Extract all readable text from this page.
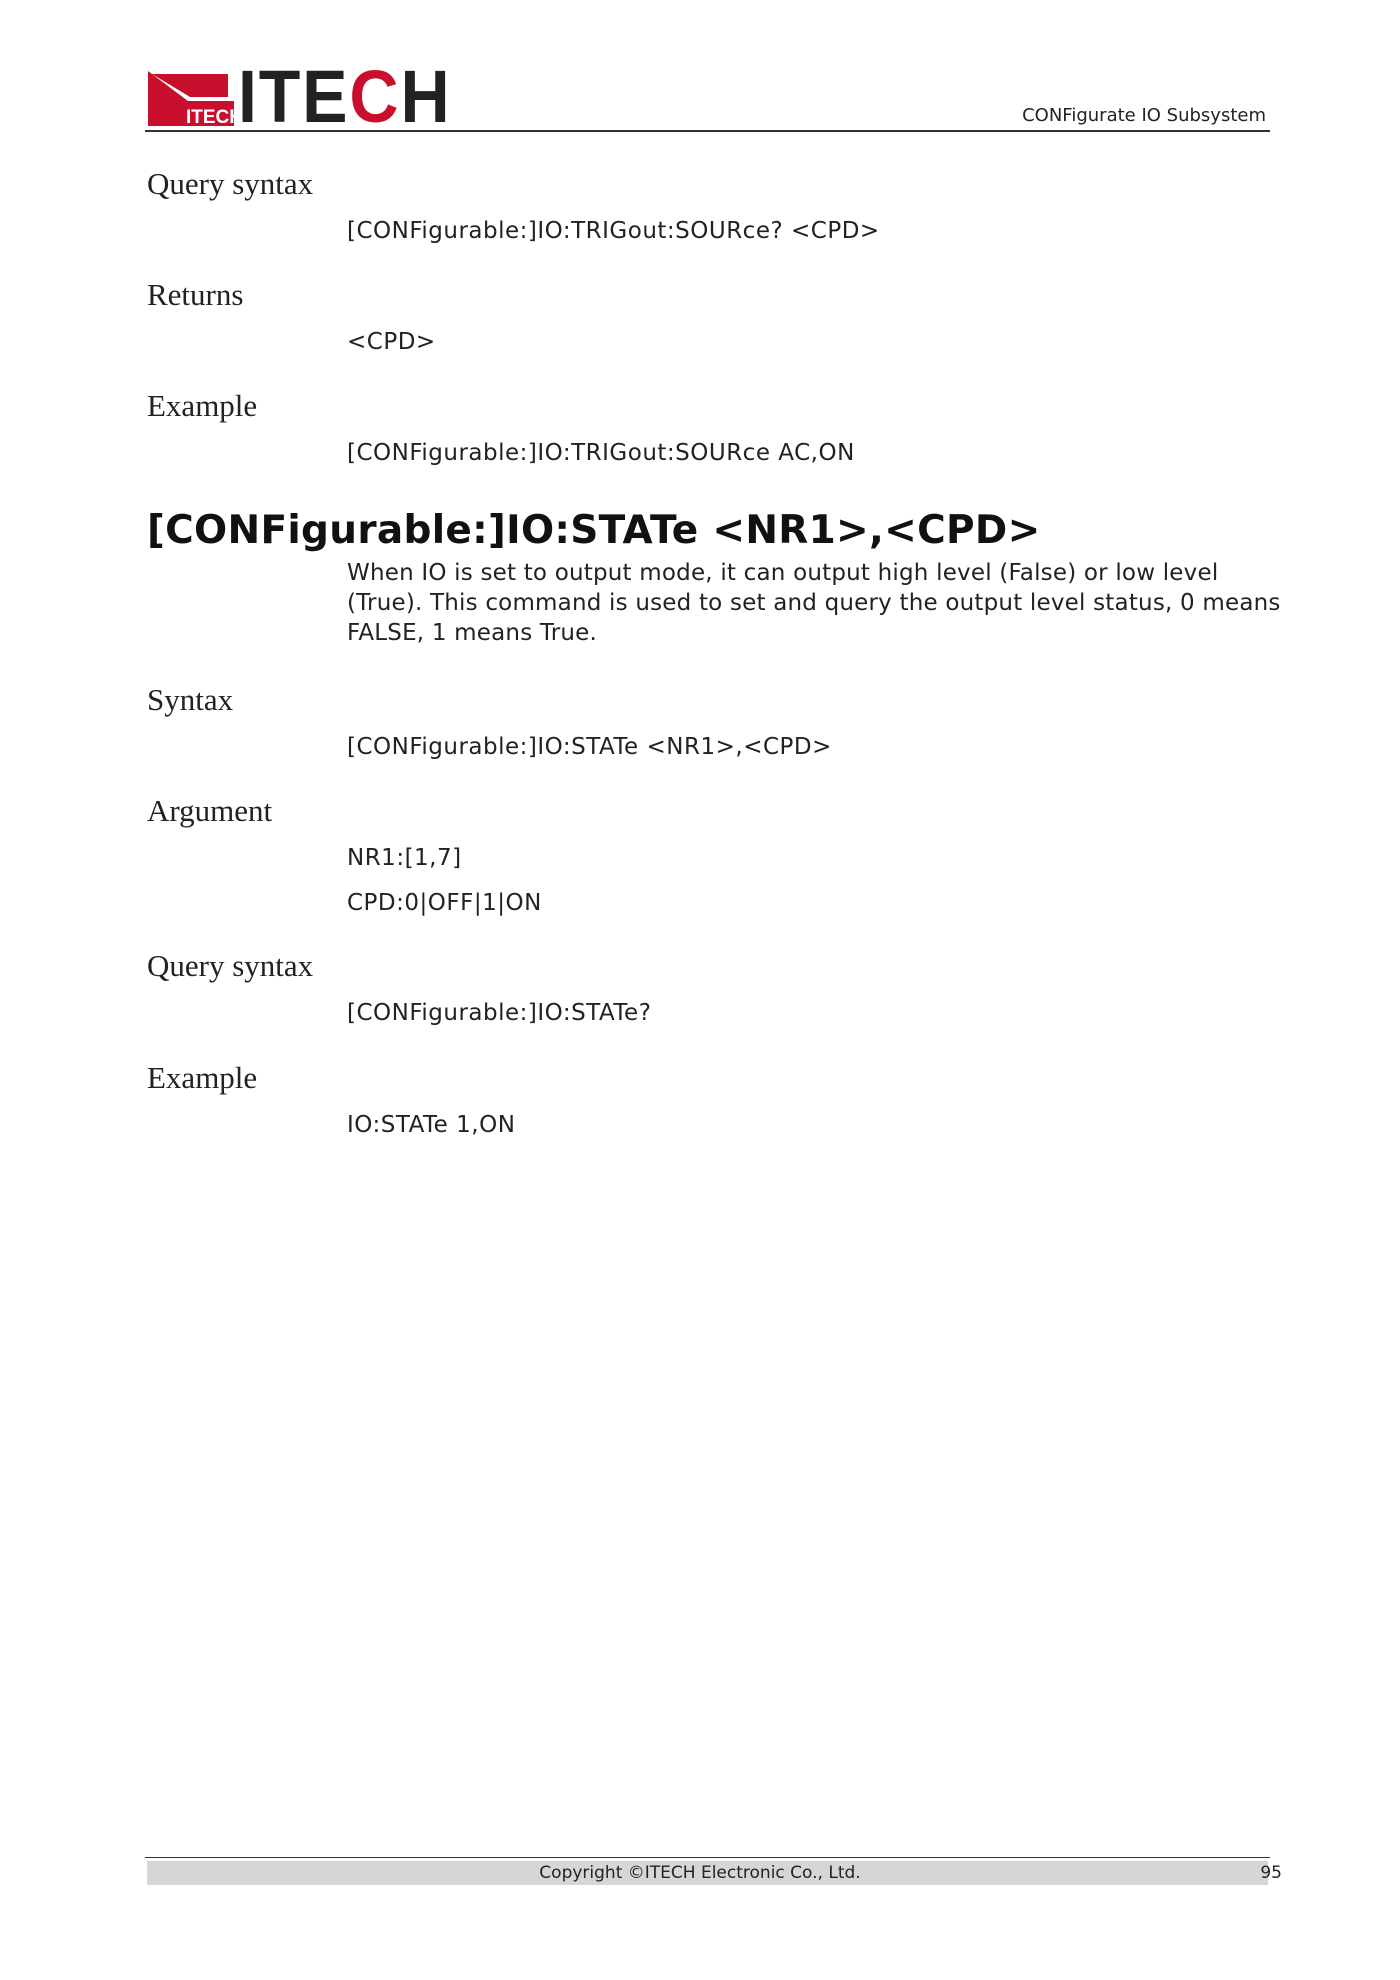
ITECH
ITECH	CONFigurate IO Subsystem
Query syntax
[CONFigurable:]IO:TRIGout:SOURce? <CPD>
Returns
<CPD>
Example
[CONFigurable:]IO:TRIGout:SOURce AC,ON
[CONFigurable:]IO:STATe <NR1>,<CPD>
When IO is set to output mode, it can output high level (False) or low level (True). This command is used to set and query the output level status, 0 means FALSE, 1 means True.
Syntax
[CONFigurable:]IO:STATe <NR1>,<CPD>
Argument
NR1:[1,7]
CPD:0|OFF|1|ON
Query syntax
[CONFigurable:]IO:STATe?
Example
IO:STATe 1,ON
Copyright ©ITECH Electronic Co., Ltd.	95
